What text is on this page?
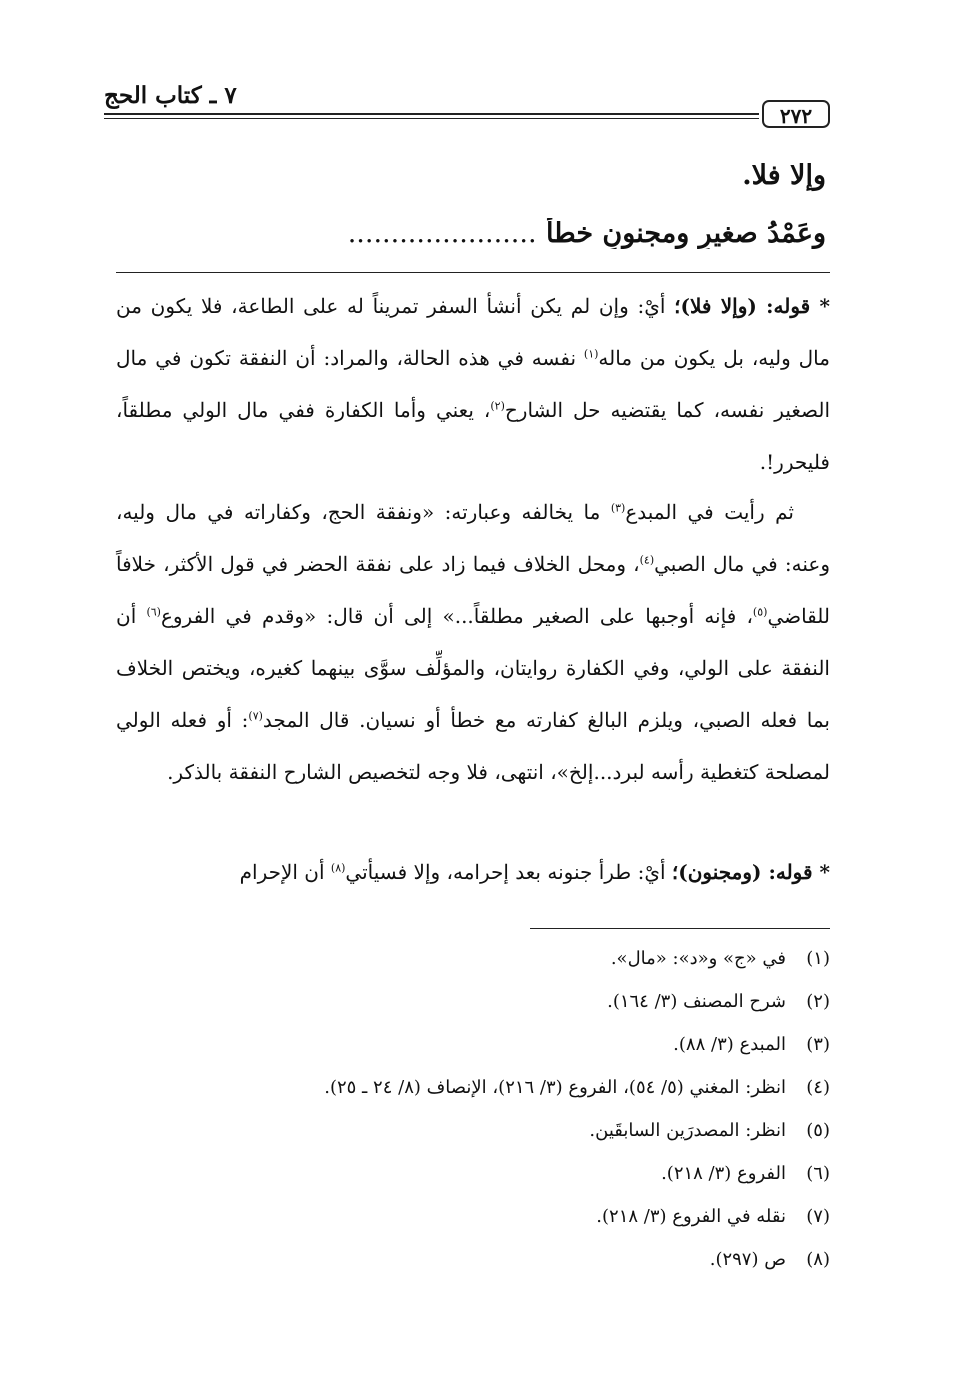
٧ ـ كتاب الحج
٢٧٢
وإلا فلا.
وعَمْدُ صغيرٍ ومجنونٍ خطأٌ ......................
* قوله: (وإلا فلا)؛ أيْ: وإن لم يكن أنشأ السفر تمريناً له على الطاعة، فلا يكون من مال وليه، بل يكون من ماله$^{(١)}$ نفسه في هذه الحالة، والمراد: أن النفقة تكون في مال الصغير نفسه، كما يقتضيه حل الشارح$^{(٢)}$، يعني وأما الكفارة ففي مال الولي مطلقاً، فليحرر!.
ثم رأيت في المبدع$^{(٣)}$ ما يخالفه وعبارته: «ونفقة الحج، وكفاراته في مال وليه، وعنه: في مال الصبي$^{(٤)}$، ومحل الخلاف فيما زاد على نفقة الحضر في قول الأكثر، خلافاً للقاضي$^{(٥)}$، فإنه أوجبها على الصغير مطلقاً...» إلى أن قال: «وقدم في الفروع$^{(٦)}$ أن النفقة على الولي، وفي الكفارة روايتان، والمؤلِّف سوَّى بينهما كغيره، ويختص الخلاف بما فعله الصبي، ويلزم البالغ كفارته مع خطأ أو نسيان. قال المجد$^{(٧)}$: أو فعله الولي لمصلحة كتغطية رأسه لبرد...إلخ»، انتهى، فلا وجه لتخصيص الشارح النفقة بالذكر.
* قوله: (ومجنون)؛ أيْ: طرأ جنونه بعد إحرامه، وإلا فسيأتي$^{(٨)}$ أن الإحرام
(١)في «ج» و«د»: «مال».
(٢)شرح المصنف (٣/ ١٦٤).
(٣)المبدع (٣/ ٨٨).
(٤)انظر: المغني (٥/ ٥٤)، الفروع (٣/ ٢١٦)، الإنصاف (٨/ ٢٤ ـ ٢٥).
(٥)انظر: المصدرَين السابقَين.
(٦)الفروع (٣/ ٢١٨).
(٧)نقله في الفروع (٣/ ٢١٨).
(٨)ص (٢٩٧).
